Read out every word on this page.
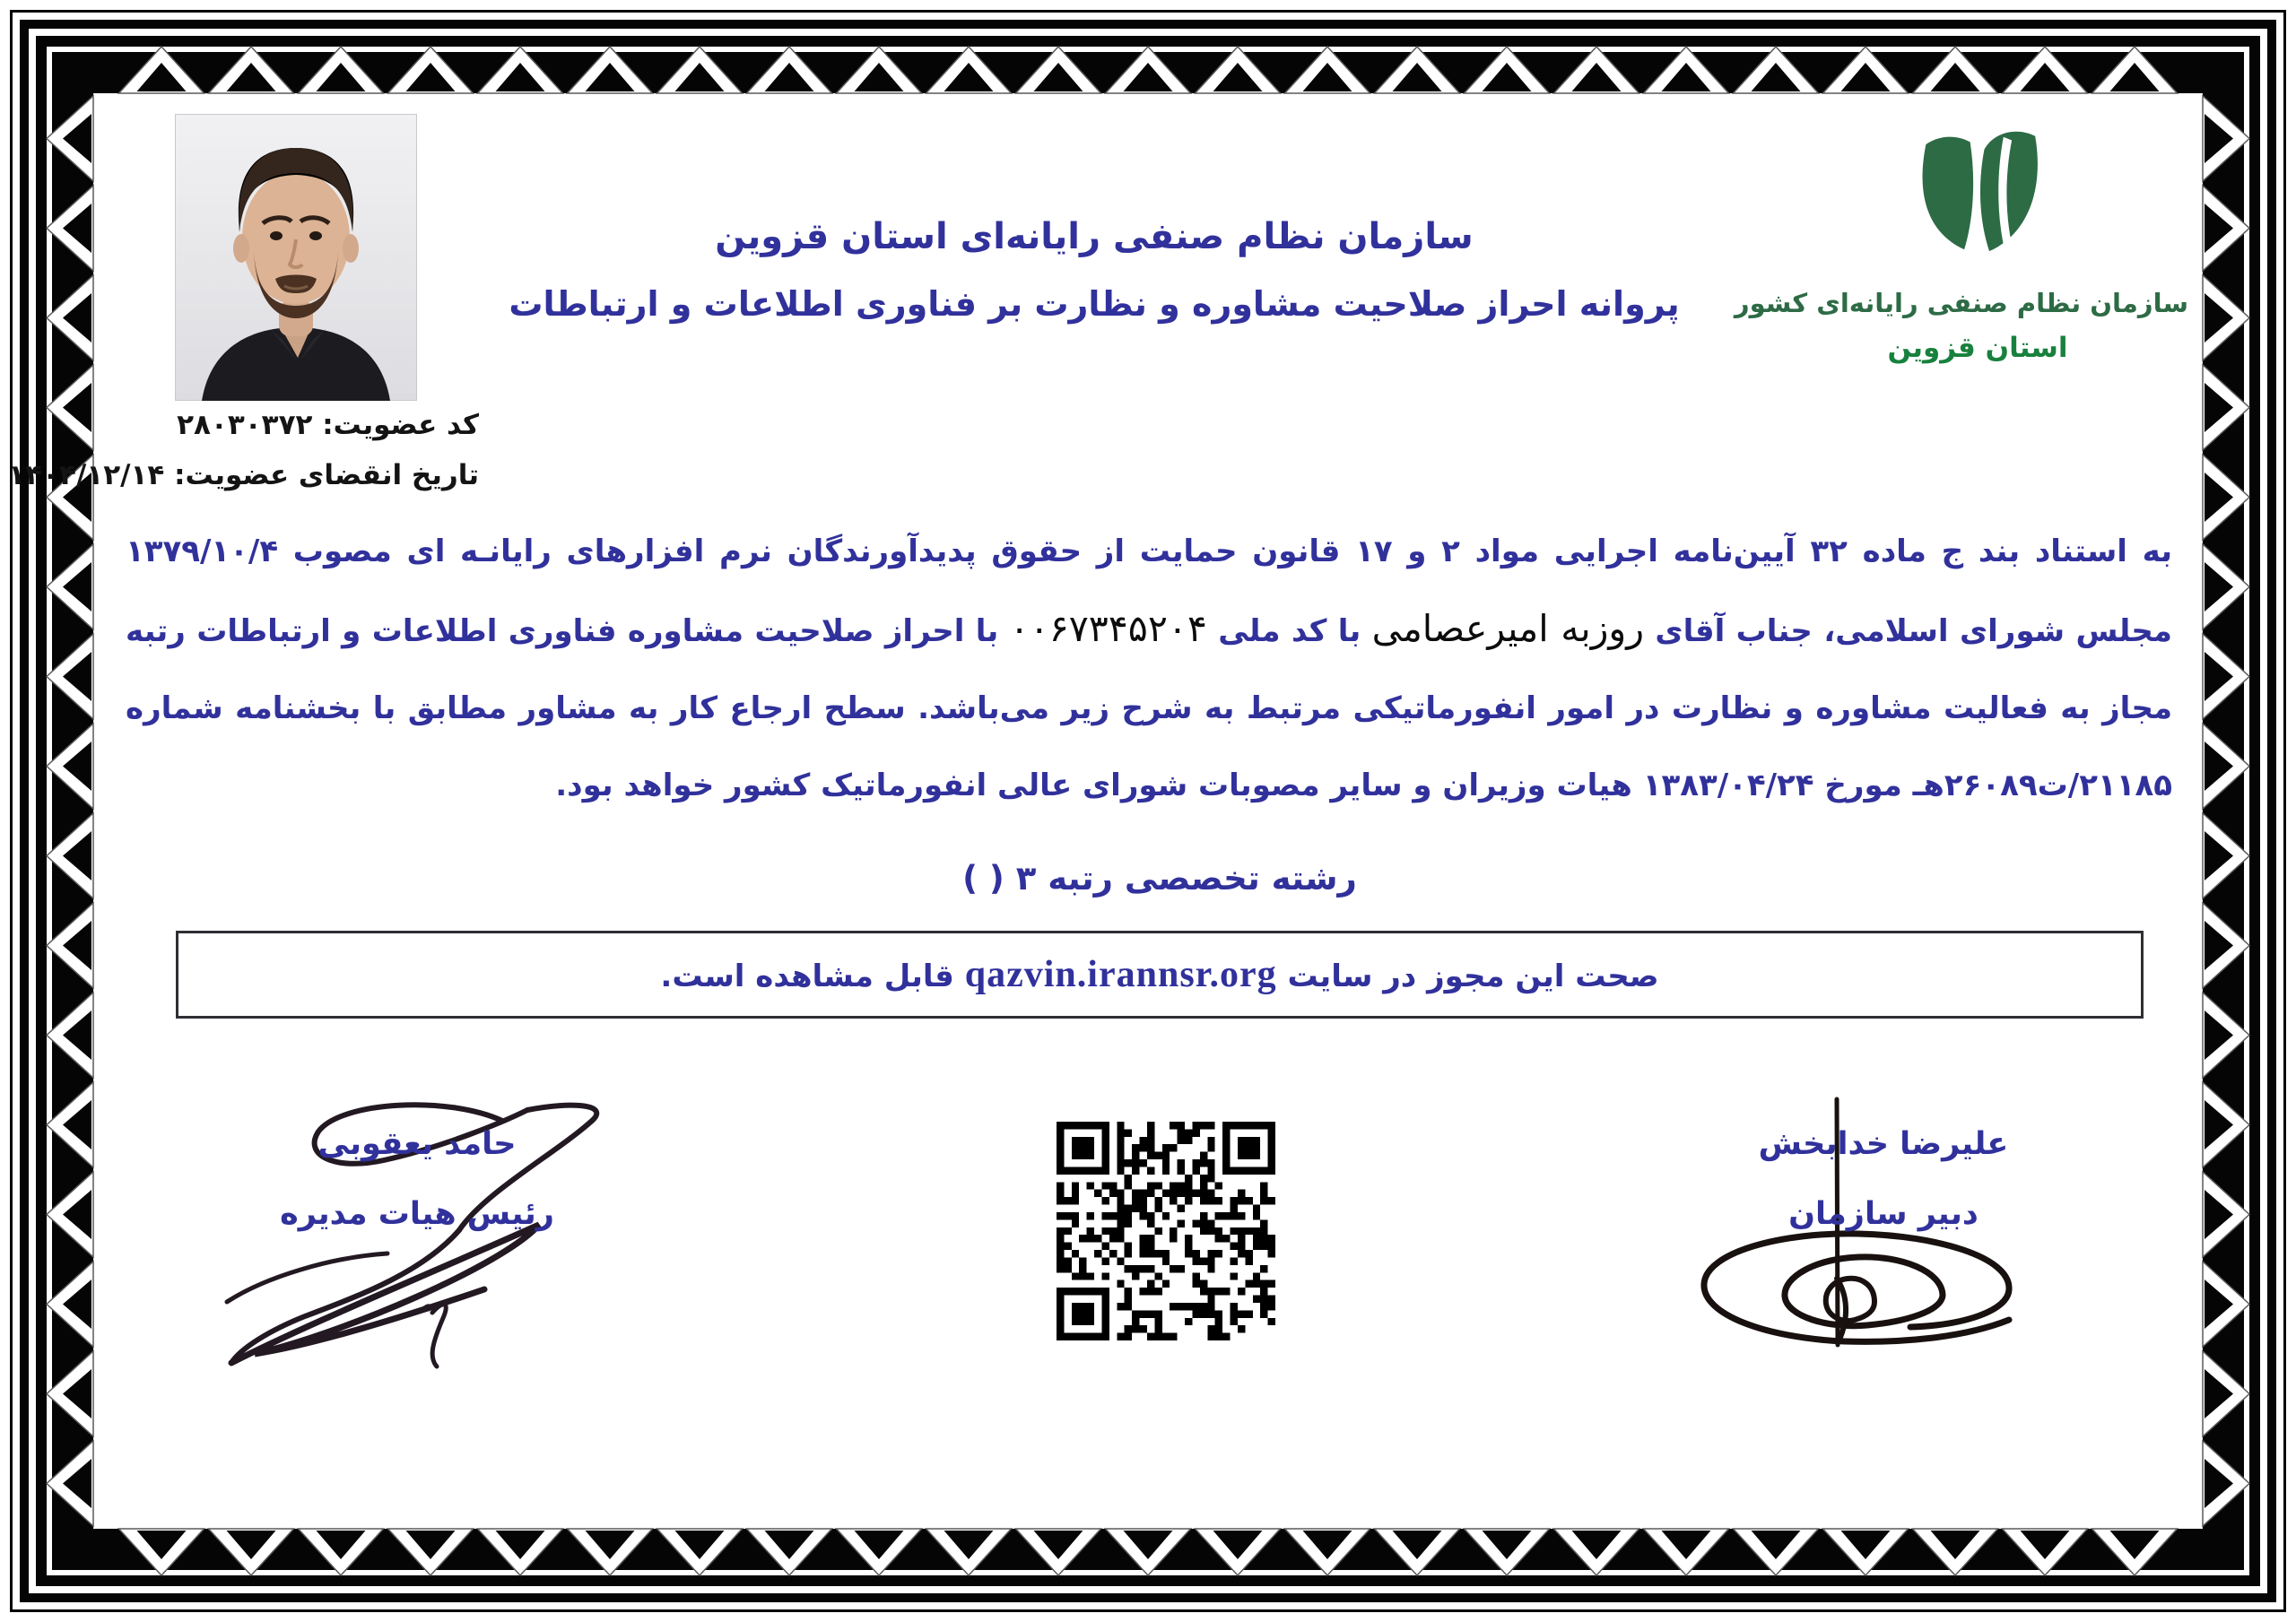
کد عضویت: ۲۸۰۳۰۳۷۲
تاریخ انقضای عضویت: ۱۴۰۴/۱۲/۱۴
سازمان نظام صنفی رایانه‌ای استان قزوین
پروانه احراز صلاحیت مشاوره و نظارت بر فناوری اطلاعات و ارتباطات	سازمان نظام صنفی رایانه‌ای کشور
استان قزوین

به استناد بند ج ماده ۳۲ آیین‌نامه اجرایی مواد ۲ و ۱۷ قانون حمایت از حقوق پدیدآورندگان نرم افزارهای رایانـه ای مصوب ۱۳۷۹/۱۰/۴ مجلس شورای اسلامی، جناب آقای روزبه امیرعصامی با کد ملی ۰۰۶۷۳۴۵۲۰۴ با احراز صلاحیت مشاوره فناوری اطلاعات و ارتباطات رتبه مجاز به فعالیت مشاوره و نظارت در امور انفورماتیکی مرتبط به شرح زیر می‌باشد. سطح ارجاع کار به مشاور مطابق با بخشنامه شماره ۲۱۱۸۵/ت۲۶۰۸۹هـ مورخ ۱۳۸۳/۰۴/۲۴ هیات وزیران و سایر مصوبات شورای عالی انفورماتیک کشور خواهد بود.

رشته تخصصی رتبه ۳ ( )
صحت این مجوز در سایت qazvin.irannsr.org قابل مشاهده است.
حامد یعقوبی
رئیس هیات مدیره
علیرضا خدابخش
دبیر سازمان
